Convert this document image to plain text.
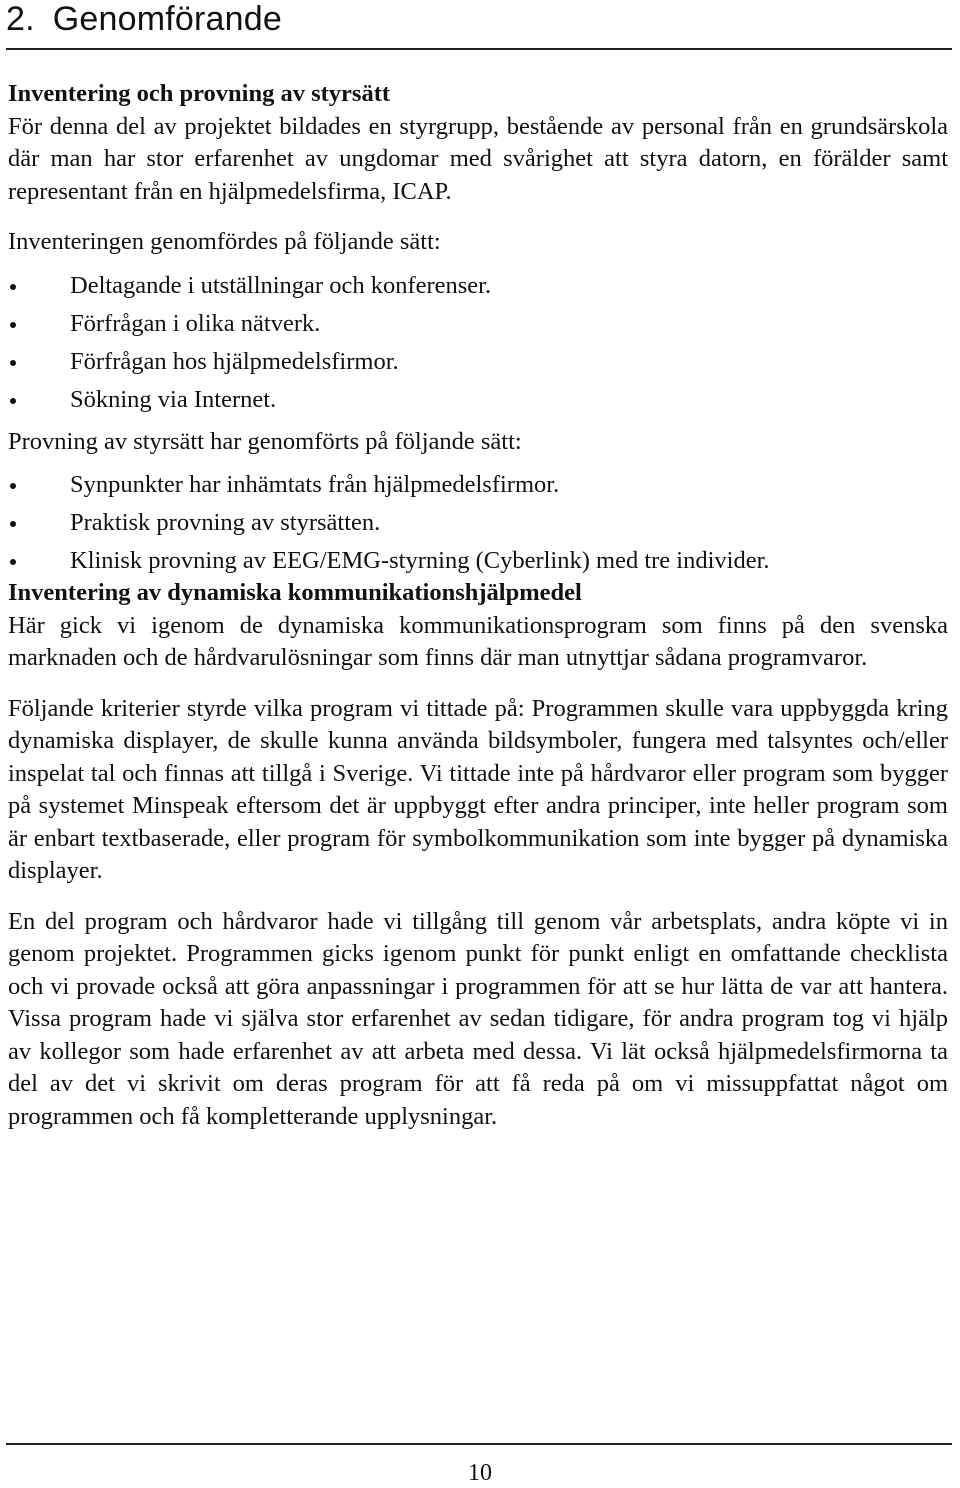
2. Genomförande
Inventering och provning av styrsätt

För denna del av projektet bildades en styrgrupp, bestående av personal från en grundsärskola där man har stor erfarenhet av ungdomar med svårighet att styra datorn, en förälder samt representant från en hjälpmedelsfirma, ICAP.

Inventeringen genomfördes på följande sätt:

Deltagande i utställningar och konferenser.
Förfrågan i olika nätverk.
Förfrågan hos hjälpmedelsfirmor.
Sökning via Internet.

Provning av styrsätt har genomförts på följande sätt:

Synpunkter har inhämtats från hjälpmedelsfirmor.
Praktisk provning av styrsätten.
Klinisk provning av EEG/EMG-styrning (Cyberlink) med tre individer.
Inventering av dynamiska kommunikationshjälpmedel

Här gick vi igenom de dynamiska kommunikationsprogram som finns på den svenska marknaden och de hårdvarulösningar som finns där man utnyttjar sådana programvaror.

Följande kriterier styrde vilka program vi tittade på: Programmen skulle vara uppbyggda kring dynamiska displayer, de skulle kunna använda bildsymboler, fungera med talsyntes och/eller inspelat tal och finnas att tillgå i Sverige. Vi tittade inte på hårdvaror eller program som bygger på systemet Minspeak eftersom det är uppbyggt efter andra principer, inte heller program som är enbart textbaserade, eller program för symbolkommunikation som inte bygger på dynamiska displayer.

En del program och hårdvaror hade vi tillgång till genom vår arbetsplats, andra köpte vi in genom projektet. Programmen gicks igenom punkt för punkt enligt en omfattande checklista och vi provade också att göra anpassningar i programmen för att se hur lätta de var att hantera. Vissa program hade vi själva stor erfarenhet av sedan tidigare, för andra program tog vi hjälp av kollegor som hade erfarenhet av att arbeta med dessa. Vi lät också hjälpmedelsfirmorna ta del av det vi skrivit om deras program för att få reda på om vi missuppfattat något om programmen och få kompletterande upplysningar.

10
